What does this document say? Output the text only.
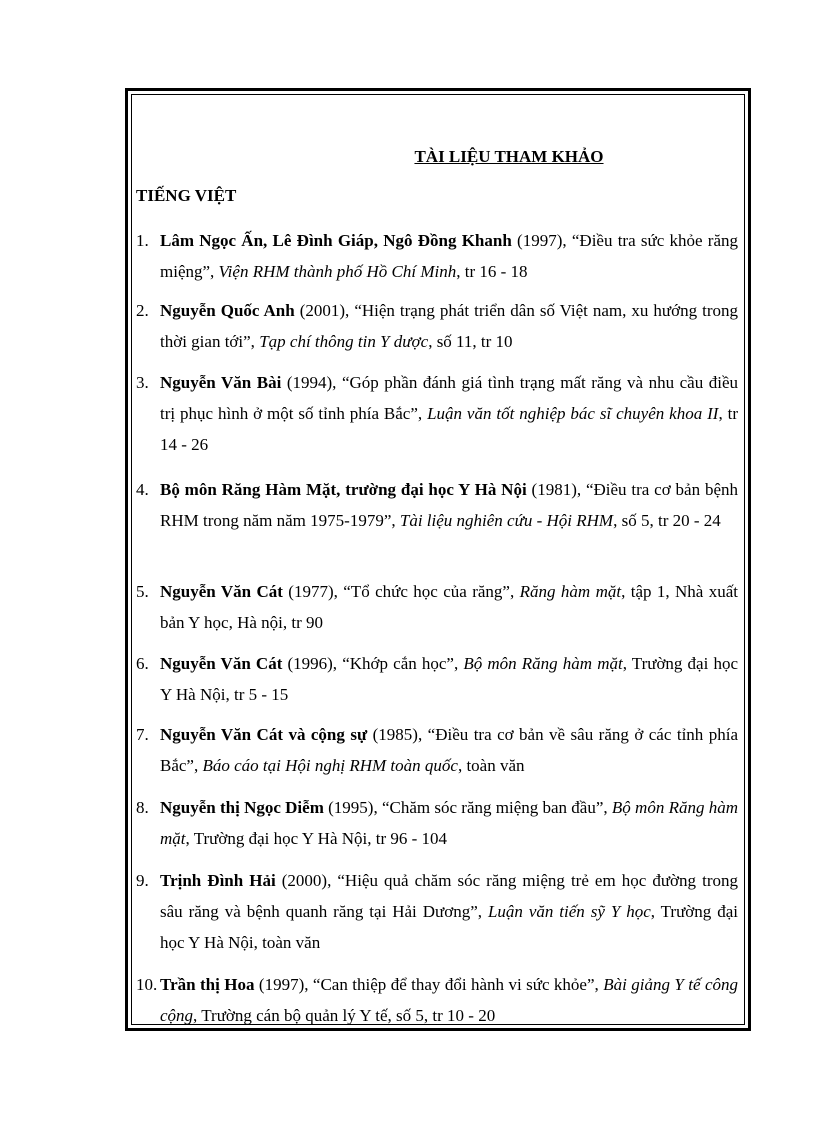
TÀI LIỆU THAM KHẢO

TIẾNG VIỆT

1. Lâm Ngọc Ấn, Lê Đình Giáp, Ngô Đồng Khanh (1997), “Điều tra sức khỏe răng miệng”, Viện RHM thành phố Hồ Chí Minh, tr 16 - 18
2. Nguyễn Quốc Anh (2001), “Hiện trạng phát triển dân số Việt nam, xu hướng trong thời gian tới”, Tạp chí thông tin Y dược, số 11, tr 10
3. Nguyễn Văn Bài (1994), “Góp phần đánh giá tình trạng mất răng và nhu cầu điều trị phục hình ở một số tỉnh phía Bắc”, Luận văn tốt nghiệp bác sĩ chuyên khoa II, tr 14 - 26
4. Bộ môn Răng Hàm Mặt, trường đại học Y Hà Nội (1981), “Điều tra cơ bản bệnh RHM trong năm năm 1975-1979”, Tài liệu nghiên cứu - Hội RHM, số 5, tr 20 - 24
5. Nguyễn Văn Cát (1977), “Tổ chức học của răng”, Răng hàm mặt, tập 1, Nhà xuất bản Y học, Hà nội, tr 90
6. Nguyễn Văn Cát (1996), “Khớp cắn học”, Bộ môn Răng hàm mặt, Trường đại học Y Hà Nội, tr 5 - 15
7. Nguyễn Văn Cát và cộng sự (1985), “Điều tra cơ bản về sâu răng ở các tỉnh phía Bắc”, Báo cáo tại Hội nghị RHM toàn quốc, toàn văn
8. Nguyễn thị Ngọc Diễm (1995), “Chăm sóc răng miệng ban đầu”, Bộ môn Răng hàm mặt, Trường đại học Y Hà Nội, tr 96 - 104
9. Trịnh Đình Hải (2000), “Hiệu quả chăm sóc răng miệng trẻ em học đường trong sâu răng và bệnh quanh răng tại Hải Dương”, Luận văn tiến sỹ Y học, Trường đại học Y Hà Nội, toàn văn
10. Trần thị Hoa (1997), “Can thiệp để thay đổi hành vi sức khỏe”, Bài giảng Y tế công cộng, Trường cán bộ quản lý Y tế, số 5, tr 10 - 20
